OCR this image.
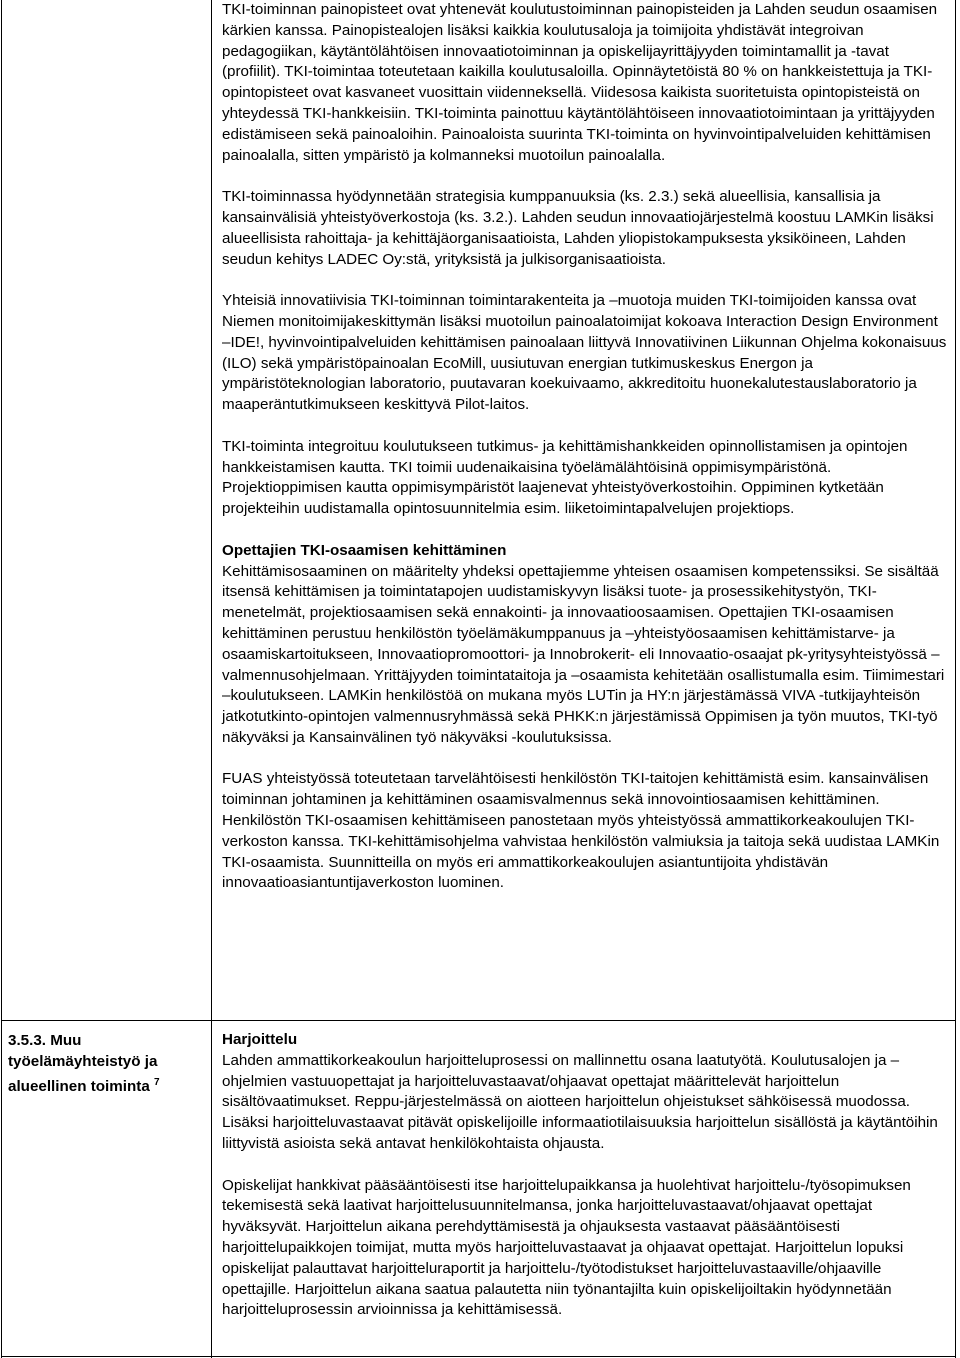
TKI-toiminnan painopisteet ovat yhtenevät koulutustoiminnan painopisteiden ja Lahden seudun osaamisen kärkien kanssa. Painopistealojen lisäksi kaikkia koulutusaloja ja toimijoita yhdistävät integroivan pedagogiikan, käytäntölähtöisen innovaatiotoiminnan ja opiskelijayrittäjyyden toimintamallit ja -tavat (profiilit). TKI-toimintaa toteutetaan kaikilla koulutusaloilla. Opinnäytetöistä 80 % on hankkeistettuja ja TKI-opintopisteet ovat kasvaneet vuosittain viidenneksellä. Viidesosa kaikista suoritetuista opintopisteistä on yhteydessä TKI-hankkeisiin. TKI-toiminta painottuu käytäntölähtöiseen innovaatiotoimintaan ja yrittäjyyden edistämiseen sekä painoaloihin. Painoaloista suurinta TKI-toiminta on hyvinvointipalveluiden kehittämisen painoalalla, sitten ympäristö ja kolmanneksi muotoilun painoalalla.

TKI-toiminnassa hyödynnetään strategisia kumppanuuksia (ks. 2.3.) sekä alueellisia, kansallisia ja kansainvälisiä yhteistyöverkostoja (ks. 3.2.). Lahden seudun innovaatiojärjestelmä koostuu LAMKin lisäksi alueellisista rahoittaja- ja kehittäjäorganisaatioista, Lahden yliopistokampuksesta yksiköineen, Lahden seudun kehitys LADEC Oy:stä, yrityksistä ja julkisorganisaatioista.

Yhteisiä innovatiivisia TKI-toiminnan toimintarakenteita ja –muotoja muiden TKI-toimijoiden kanssa ovat Niemen monitoimijakeskittymän lisäksi muotoilun painoalatoimijat kokoava Interaction Design Environment –IDE!, hyvinvointipalveluiden kehittämisen painoalaan liittyvä Innovatiivinen Liikunnan Ohjelma kokonaisuus (ILO) sekä ympäristöpainoalan EcoMill, uusiutuvan energian tutkimuskeskus Energon ja ympäristöteknologian laboratorio, puutavaran koekuivaamo, akkreditoitu huonekalutestauslaboratorio ja maaperäntutkimukseen keskittyvä Pilot-laitos.

TKI-toiminta integroituu koulutukseen tutkimus- ja kehittämishankkeiden opinnollistamisen ja opintojen hankkeistamisen kautta. TKI toimii uudenaikaisina työelämälähtöisinä oppimisympäristönä. Projektioppimisen kautta oppimisympäristöt laajenevat yhteistyöverkostoihin. Oppiminen kytketään projekteihin uudistamalla opintosuunnitelmia esim. liiketoimintapalvelujen projektiops.

Opettajien TKI-osaamisen kehittäminen

Kehittämisosaaminen on määritelty yhdeksi opettajiemme yhteisen osaamisen kompetenssiksi. Se sisältää itsensä kehittämisen ja toimintatapojen uudistamiskyvyn lisäksi tuote- ja prosessikehitystyön, TKI-menetelmät, projektiosaamisen sekä ennakointi- ja innovaatioosaamisen. Opettajien TKI-osaamisen kehittäminen perustuu henkilöstön työelämäkumppanuus ja –yhteistyöosaamisen kehittämistarve- ja osaamiskartoitukseen, Innovaatiopromoottori- ja Innobrokerit- eli Innovaatio-osaajat pk-yritysyhteistyössä –valmennusohjelmaan. Yrittäjyyden toimintataitoja ja –osaamista kehitetään osallistumalla esim. Tiimimestari –koulutukseen. LAMKin henkilöstöä on mukana myös LUTin ja HY:n järjestämässä VIVA -tutkijayhteisön jatkotutkinto-opintojen valmennusryhmässä sekä PHKK:n järjestämissä Oppimisen ja työn muutos, TKI-työ näkyväksi ja Kansainvälinen työ näkyväksi -koulutuksissa.

FUAS yhteistyössä toteutetaan tarvelähtöisesti henkilöstön TKI-taitojen kehittämistä esim. kansainvälisen toiminnan johtaminen ja kehittäminen osaamisvalmennus sekä innovointiosaamisen kehittäminen. Henkilöstön TKI-osaamisen kehittämiseen panostetaan myös yhteistyössä ammattikorkeakoulujen TKI-verkoston kanssa. TKI-kehittämisohjelma vahvistaa henkilöstön valmiuksia ja taitoja sekä uudistaa LAMKin TKI-osaamista. Suunnitteilla on myös eri ammattikorkeakoulujen asiantuntijoita yhdistävän innovaatioasiantuntijaverkoston luominen.

3.5.3. Muu työelämäyhteistyö ja alueellinen toiminta $^7$

Harjoittelu

Lahden ammattikorkeakoulun harjoitteluprosessi on mallinnettu osana laatutyötä. Koulutusalojen ja –ohjelmien vastuuopettajat ja harjoitteluvastaavat/ohjaavat opettajat määrittelevät harjoittelun sisältövaatimukset. Reppu-järjestelmässä on aiotteen harjoittelun ohjeistukset sähköisessä muodossa. Lisäksi harjoitteluvastaavat pitävät opiskelijoille informaatiotilaisuuksia harjoittelun sisällöstä ja käytäntöihin liittyvistä asioista sekä antavat henkilökohtaista ohjausta.

Opiskelijat hankkivat pääsääntöisesti itse harjoittelupaikkansa ja huolehtivat harjoittelu-/työsopimuksen tekemisestä sekä laativat harjoittelusuunnitelmansa, jonka harjoitteluvastaavat/ohjaavat opettajat hyväksyvät. Harjoittelun aikana perehdyttämisestä ja ohjauksesta vastaavat pääsääntöisesti harjoittelupaikkojen toimijat, mutta myös harjoitteluvastaavat ja ohjaavat opettajat. Harjoittelun lopuksi opiskelijat palauttavat harjoitteluraportit ja harjoittelu-/työtodistukset harjoitteluvastaaville/ohjaaville opettajille. Harjoittelun aikana saatua palautetta niin työnantajilta kuin opiskelijoiltakin hyödynnetään harjoitteluprosessin arvioinnissa ja kehittämisessä.
